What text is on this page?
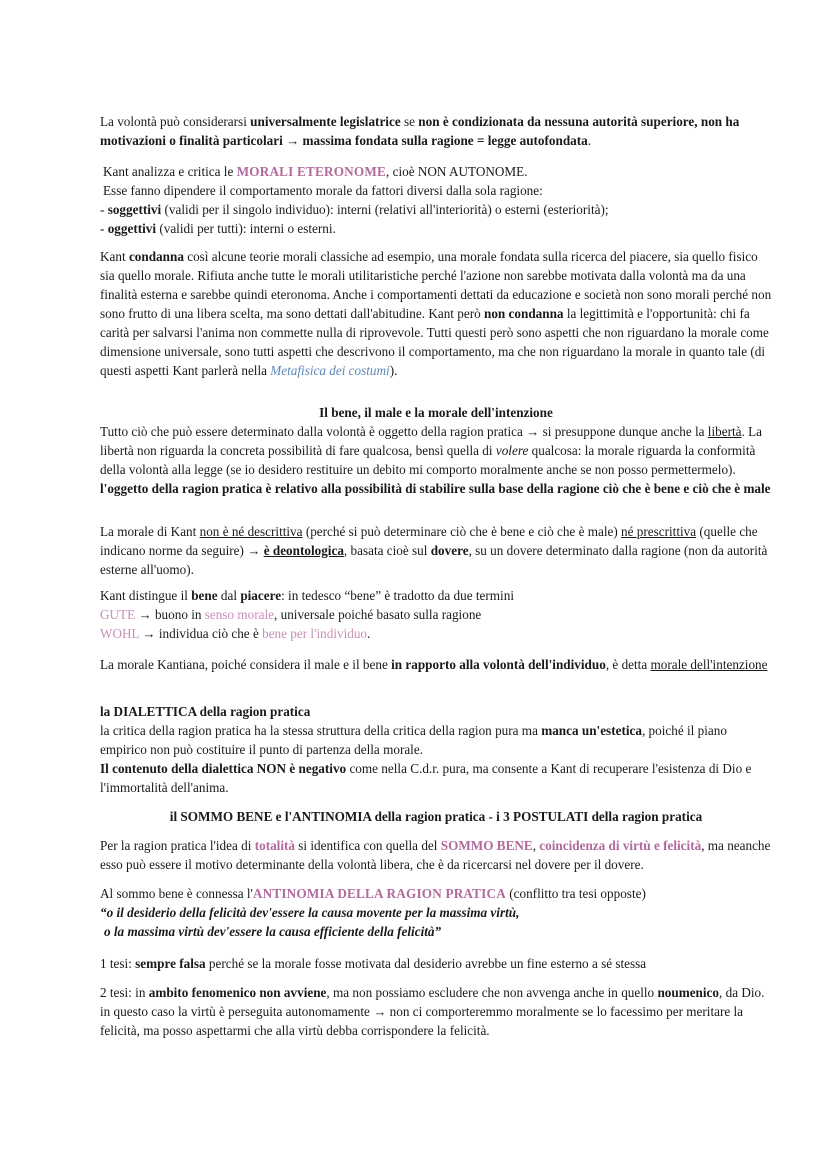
La volontà può considerarsi universalmente legislatrice se non è condizionata da nessuna autorità superiore, non ha motivazioni o finalità particolari → massima fondata sulla ragione = legge autofondata.

Kant analizza e critica le MORALI ETERONOME, cioè NON AUTONOME.

Esse fanno dipendere il comportamento morale da fattori diversi dalla sola ragione:

- soggettivi (validi per il singolo individuo): interni (relativi all'interiorità) o esterni (esteriorità);

- oggettivi (validi per tutti): interni o esterni.

Kant condanna così alcune teorie morali classiche ad esempio, una morale fondata sulla ricerca del piacere, sia quello fisico sia quello morale. Rifiuta anche tutte le morali utilitaristiche perché l'azione non sarebbe motivata dalla volontà ma da una finalità esterna e sarebbe quindi eteronoma. Anche i comportamenti dettati da educazione e società non sono morali perché non sono frutto di una libera scelta, ma sono dettati dall'abitudine. Kant però non condanna la legittimità e l'opportunità: chi fa carità per salvarsi l'anima non commette nulla di riprovevole. Tutti questi però sono aspetti che non riguardano la morale come dimensione universale, sono tutti aspetti che descrivono il comportamento, ma che non riguardano la morale in quanto tale (di questi aspetti Kant parlerà nella Metafisica dei costumi).

Il bene, il male e la morale dell'intenzione

Tutto ciò che può essere determinato dalla volontà è oggetto della ragion pratica → si presuppone dunque anche la libertà. La libertà non riguarda la concreta possibilità di fare qualcosa, bensì quella di volere qualcosa: la morale riguarda la conformità della volontà alla legge (se io desidero restituire un debito mi comporto moralmente anche se non posso permettermelo). l'oggetto della ragion pratica è relativo alla possibilità di stabilire sulla base della ragione ciò che è bene e ciò che è male

La morale di Kant non è né descrittiva (perché si può determinare ciò che è bene e ciò che è male) né prescrittiva (quelle che indicano norme da seguire) → è deontologica, basata cioè sul dovere, su un dovere determinato dalla ragione (non da autorità esterne all'uomo).

Kant distingue il bene dal piacere: in tedesco “bene” è tradotto da due termini

GUTE → buono in senso morale, universale poiché basato sulla ragione

WOHL → individua ciò che è bene per l'individuo.

La morale Kantiana, poiché considera il male e il bene in rapporto alla volontà dell'individuo, è detta morale dell'intenzione

la DIALETTICA della ragion pratica

la critica della ragion pratica ha la stessa struttura della critica della ragion pura ma manca un'estetica, poiché il piano empirico non può costituire il punto di partenza della morale.
Il contenuto della dialettica NON è negativo come nella C.d.r. pura, ma consente a Kant di recuperare l'esistenza di Dio e l'immortalità dell'anima.

il SOMMO BENE e l'ANTINOMIA della ragion pratica - i 3 POSTULATI della ragion pratica

Per la ragion pratica l'idea di totalità si identifica con quella del SOMMO BENE, coincidenza di virtù e felicità, ma neanche esso può essere il motivo determinante della volontà libera, che è da ricercarsi nel dovere per il dovere.

Al sommo bene è connessa l'ANTINOMIA DELLA RAGION PRATICA (conflitto tra tesi opposte)

“o il desiderio della felicità dev'essere la causa movente per la massima virtù,

o la massima virtù dev'essere la causa efficiente della felicità”

1 tesi: sempre falsa perché se la morale fosse motivata dal desiderio avrebbe un fine esterno a sé stessa

2 tesi: in ambito fenomenico non avviene, ma non possiamo escludere che non avvenga anche in quello noumenico, da Dio. in questo caso la virtù è perseguita autonomamente → non ci comporteremmo moralmente se lo facessimo per meritare la felicità, ma posso aspettarmi che alla virtù debba corrispondere la felicità.
